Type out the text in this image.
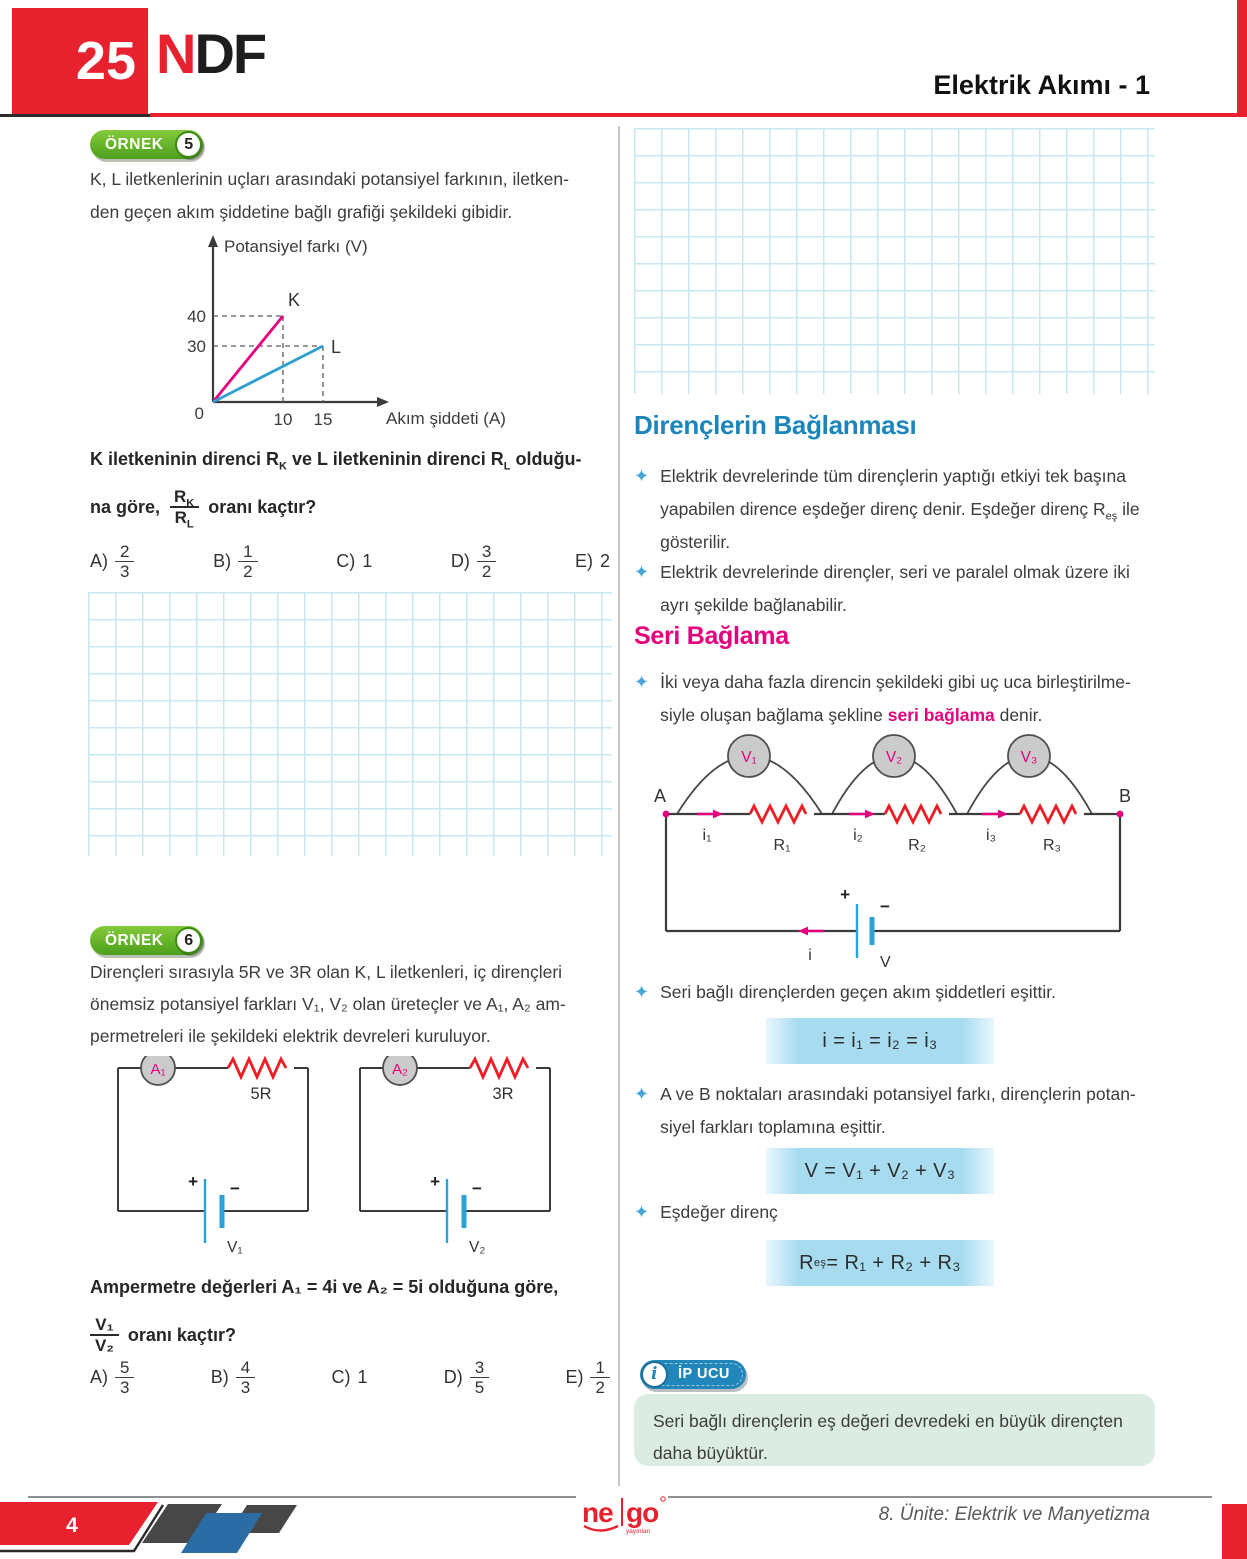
25 NDF	Elektrik Akımı - 1
ÖRNEK	5
K, L iletkenlerinin uçları arasındaki potansiyel farkının, iletken-
den geçen akım şiddetine bağlı grafiği şekildeki gibidir.
Potansiyel farkı (V)
Akım şiddeti (A)
40
30
0	10 15
K
L
K iletkeninin direnci $R_K$ ve L iletkeninin direnci $R_L$ olduğu-
na göre, $\frac{R_K}{R_L}$ oranı kaçtır?
$A) \frac{2}{3}$	$B) \frac{1}{2}$	C) 1	$D) \frac{3}{2}$	E) 2
ÖRNEK	6
Dirençleri sırasıyla 5R ve 3R olan K, L iletkenleri, iç dirençleri
önemsiz potansiyel farkları V₁, V₂ olan üreteçler ve A₁, A₂ am-
permetreleri ile şekildeki elektrik devreleri kuruluyor.
A₁
5R
+ −
V₁
A₂
3R
+ −
V₂
Ampermetre değerleri A₁ = 4i ve A₂ = 5i olduğuna göre,
$\frac{\text{V₁}}{\text{V₂}}$ oranı kaçtır?
$A) \frac{5}{3}$	$B) \frac{4}{3}$	C) 1	$D) \frac{3}{5}$	$E) \frac{1}{2}$
Dirençlerin Bağlanması
✦ Elektrik devrelerinde tüm dirençlerin yaptığı etkiyi tek başına
yapabilen dirence eşdeğer direnç denir. Eşdeğer direnç $R_{eş}$ ile
gösterilir.
✦ Elektrik devrelerinde dirençler, seri ve paralel olmak üzere iki
ayrı şekilde bağlanabilir.
Seri Bağlama
✦ İki veya daha fazla direncin şekildeki gibi uç uca birleştirilme-
siyle oluşan bağlama şekline seri bağlama denir.
A	B
V₁	V₂	V₃
i₁	i₂	i₃
R₁	R₂	R₃
+
−
V
i
✦ Seri bağlı dirençlerden geçen akım şiddetleri eşittir.
i = i₁ = i₂ = i₃
✦ A ve B noktaları arasındaki potansiyel farkı, dirençlerin potan-
siyel farkları toplamına eşittir.
V = V₁ + V₂ + V₃
✦ Eşdeğer direnç
R eş = R₁ + R₂ + R₃
i	İP UCU
Seri bağlı dirençlerin eş değeri devredeki en büyük dirençten
daha büyüktür.
4	ne go
yayınları
8. Ünite: Elektrik ve Manyetizma
